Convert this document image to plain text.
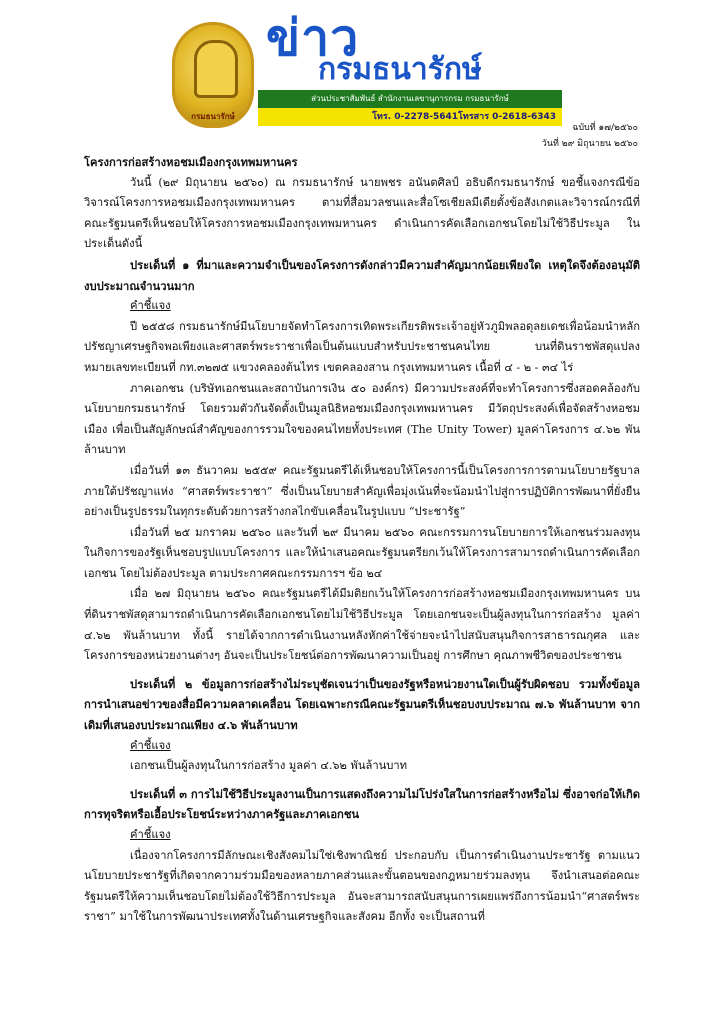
กรมธนารักษ์
ข่าว
กรมธนารักษ์
ส่วนประชาสัมพันธ์ สำนักงานเลขานุการกรม กรมธนารักษ์
โทร. 0-2278-5641โทรสาร 0-2618-6343
ฉบับที่ ๑๗/๒๕๖๐
วันที่ ๒๙ มิถุนายน ๒๕๖๐

โครงการก่อสร้างหอชมเมืองกรุงเทพมหานคร

วันนี้ (๒๙ มิถุนายน ๒๕๖๐) ณ กรมธนารักษ์ นายพชร อนันตศิลป์ อธิบดีกรมธนารักษ์ ขอชี้แจงกรณีข้อวิจารณ์โครงการหอชมเมืองกรุงเทพมหานคร ตามที่สื่อมวลชนและสื่อโซเชียลมีเดียตั้งข้อสังเกตและวิจารณ์กรณีที่คณะรัฐมนตรีเห็นชอบให้โครงการหอชมเมืองกรุงเทพมหานคร ดำเนินการคัดเลือกเอกชนโดยไม่ใช้วิธีประมูล ในประเด็นดังนี้

ประเด็นที่ ๑ ที่มาและความจำเป็นของโครงการดังกล่าวมีความสำคัญมากน้อยเพียงใด เหตุใดจึงต้องอนุมัติงบประมาณจำนวนมาก

คำชี้แจง

ปี ๒๕๕๘ กรมธนารักษ์มีนโยบายจัดทำโครงการเทิดพระเกียรติพระเจ้าอยู่หัวภูมิพลอดุลยเดชเพื่อน้อมนำหลักปรัชญาเศรษฐกิจพอเพียงและศาสตร์พระราชาเพื่อเป็นต้นแบบสำหรับประชาชนคนไทย บนที่ดินราชพัสดุแปลงหมายเลขทะเบียนที่ กท.๓๒๗๕ แขวงคลองต้นไทร เขตคลองสาน กรุงเทพมหานคร เนื้อที่ ๔ - ๒ - ๓๔ ไร่

ภาคเอกชน (บริษัทเอกชนและสถาบันการเงิน ๕๐ องค์กร) มีความประสงค์ที่จะทำโครงการซึ่งสอดคล้องกับนโยบายกรมธนารักษ์ โดยรวมตัวกันจัดตั้งเป็นมูลนิธิหอชมเมืองกรุงเทพมหานคร มีวัตถุประสงค์เพื่อจัดสร้างหอชมเมือง เพื่อเป็นสัญลักษณ์สำคัญของการรวมใจของคนไทยทั้งประเทศ (The Unity Tower) มูลค่าโครงการ ๔.๖๒ พันล้านบาท

เมื่อวันที่ ๑๓ ธันวาคม ๒๕๕๙ คณะรัฐมนตรีได้เห็นชอบให้โครงการนี้เป็นโครงการการตามนโยบายรัฐบาล ภายใต้ปรัชญาแห่ง “ศาสตร์พระราชา” ซึ่งเป็นนโยบายสำคัญเพื่อมุ่งเน้นที่จะน้อมนำไปสู่การปฏิบัติการพัฒนาที่ยั่งยืนอย่างเป็นรูปธรรมในทุกระดับด้วยการสร้างกลไกขับเคลื่อนในรูปแบบ “ประชารัฐ”

เมื่อวันที่ ๒๕ มกราคม ๒๕๖๐ และวันที่ ๒๙ มีนาคม ๒๕๖๐ คณะกรรมการนโยบายการให้เอกชนร่วมลงทุนในกิจการของรัฐเห็นชอบรูปแบบโครงการ และให้นำเสนอคณะรัฐมนตรียกเว้นให้โครงการสามารถดำเนินการคัดเลือกเอกชน โดยไม่ต้องประมูล ตามประกาศคณะกรรมการฯ ข้อ ๒๔

เมื่อ ๒๗ มิถุนายน ๒๕๖๐ คณะรัฐมนตรีได้มีมติยกเว้นให้โครงการก่อสร้างหอชมเมืองกรุงเทพมหานคร บนที่ดินราชพัสดุสามารถดำเนินการคัดเลือกเอกชนโดยไม่ใช้วิธีประมูล โดยเอกชนจะเป็นผู้ลงทุนในการก่อสร้าง มูลค่า ๔.๖๒ พันล้านบาท ทั้งนี้ รายได้จากการดำเนินงานหลังหักค่าใช้จ่ายจะนำไปสนับสนุนกิจการสาธารณกุศล และโครงการของหน่วยงานต่างๆ อันจะเป็นประโยชน์ต่อการพัฒนาความเป็นอยู่ การศึกษา คุณภาพชีวิตของประชาชน

ประเด็นที่ ๒ ข้อมูลการก่อสร้างไม่ระบุชัดเจนว่าเป็นของรัฐหรือหน่วยงานใดเป็นผู้รับผิดชอบ รวมทั้งข้อมูลการนำเสนอข่าวของสื่อมีความคลาดเคลื่อน โดยเฉพาะกรณีคณะรัฐมนตรีเห็นชอบงบประมาณ ๗.๖ พันล้านบาท จากเดิมที่เสนองบประมาณเพียง ๔.๖ พันล้านบาท

คำชี้แจง

เอกชนเป็นผู้ลงทุนในการก่อสร้าง มูลค่า ๔.๖๒ พันล้านบาท

ประเด็นที่ ๓ การไม่ใช้วิธีประมูลงานเป็นการแสดงถึงความไม่โปร่งใสในการก่อสร้างหรือไม่ ซึ่งอาจก่อให้เกิดการทุจริตหรือเอื้อประโยชน์ระหว่างภาครัฐและภาคเอกชน

คำชี้แจง

เนื่องจากโครงการมีลักษณะเชิงสังคมไม่ใช่เชิงพาณิชย์ ประกอบกับ เป็นการดำเนินงานประชารัฐ ตามแนวนโยบายประชารัฐที่เกิดจากความร่วมมือของหลายภาคส่วนและขั้นตอนของกฎหมายร่วมลงทุน จึงนำเสนอต่อคณะรัฐมนตรีให้ความเห็นชอบโดยไม่ต้องใช้วิธีการประมูล อันจะสามารถสนับสนุนการเผยแพร่ถึงการน้อมนำ“ศาสตร์พระราชา” มาใช้ในการพัฒนาประเทศทั้งในด้านเศรษฐกิจและสังคม อีกทั้ง จะเป็นสถานที่
